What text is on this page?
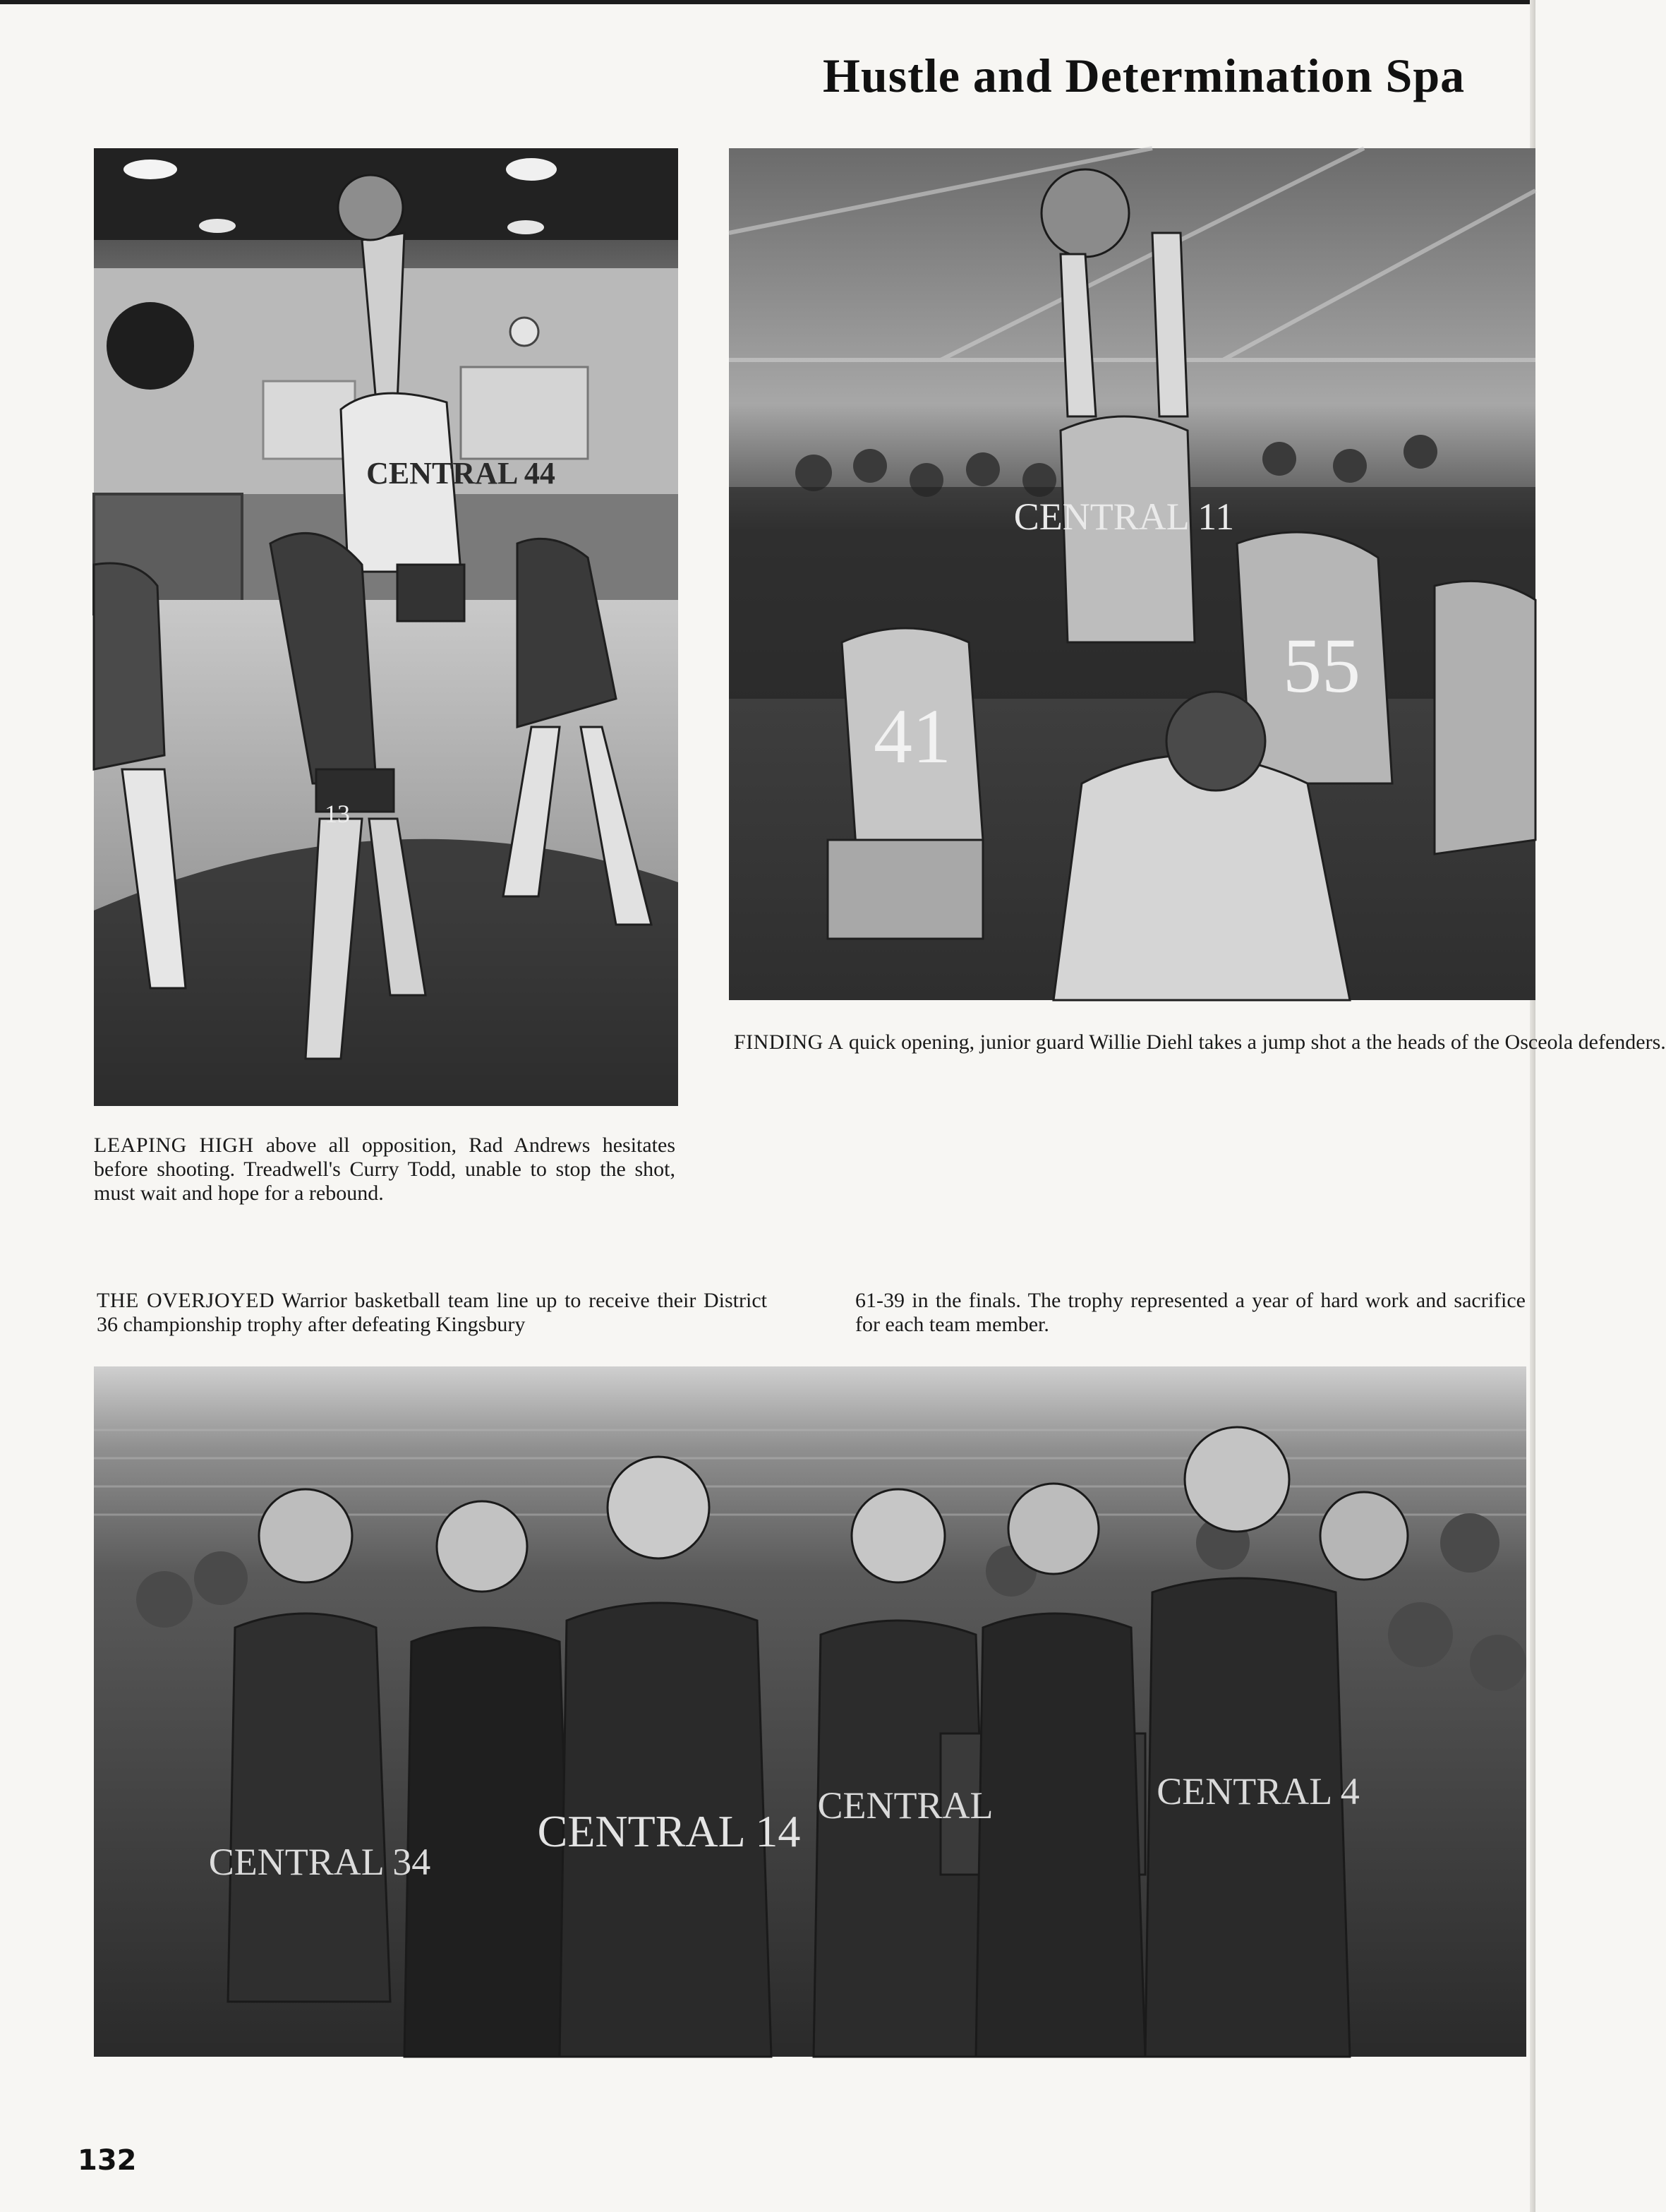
Hustle and Determination Spa
CENTRAL 44
13
CENTRAL 11
41
55
FINDING A quick opening, junior guard Willie Diehl takes a jump shot a the heads of the Osceola defenders.
LEAPING HIGH above all opposition, Rad Andrews hesitates before shooting. Treadwell's Curry Todd, unable to stop the shot, must wait and hope for a rebound.
THE OVERJOYED Warrior basketball team line up to receive their District 36 championship trophy after defeating Kingsbury
61-39 in the finals. The trophy represented a year of hard work and sacrifice for each team member.
CENTRAL 34
CENTRAL 14
CENTRAL	CENTRAL 4
132
